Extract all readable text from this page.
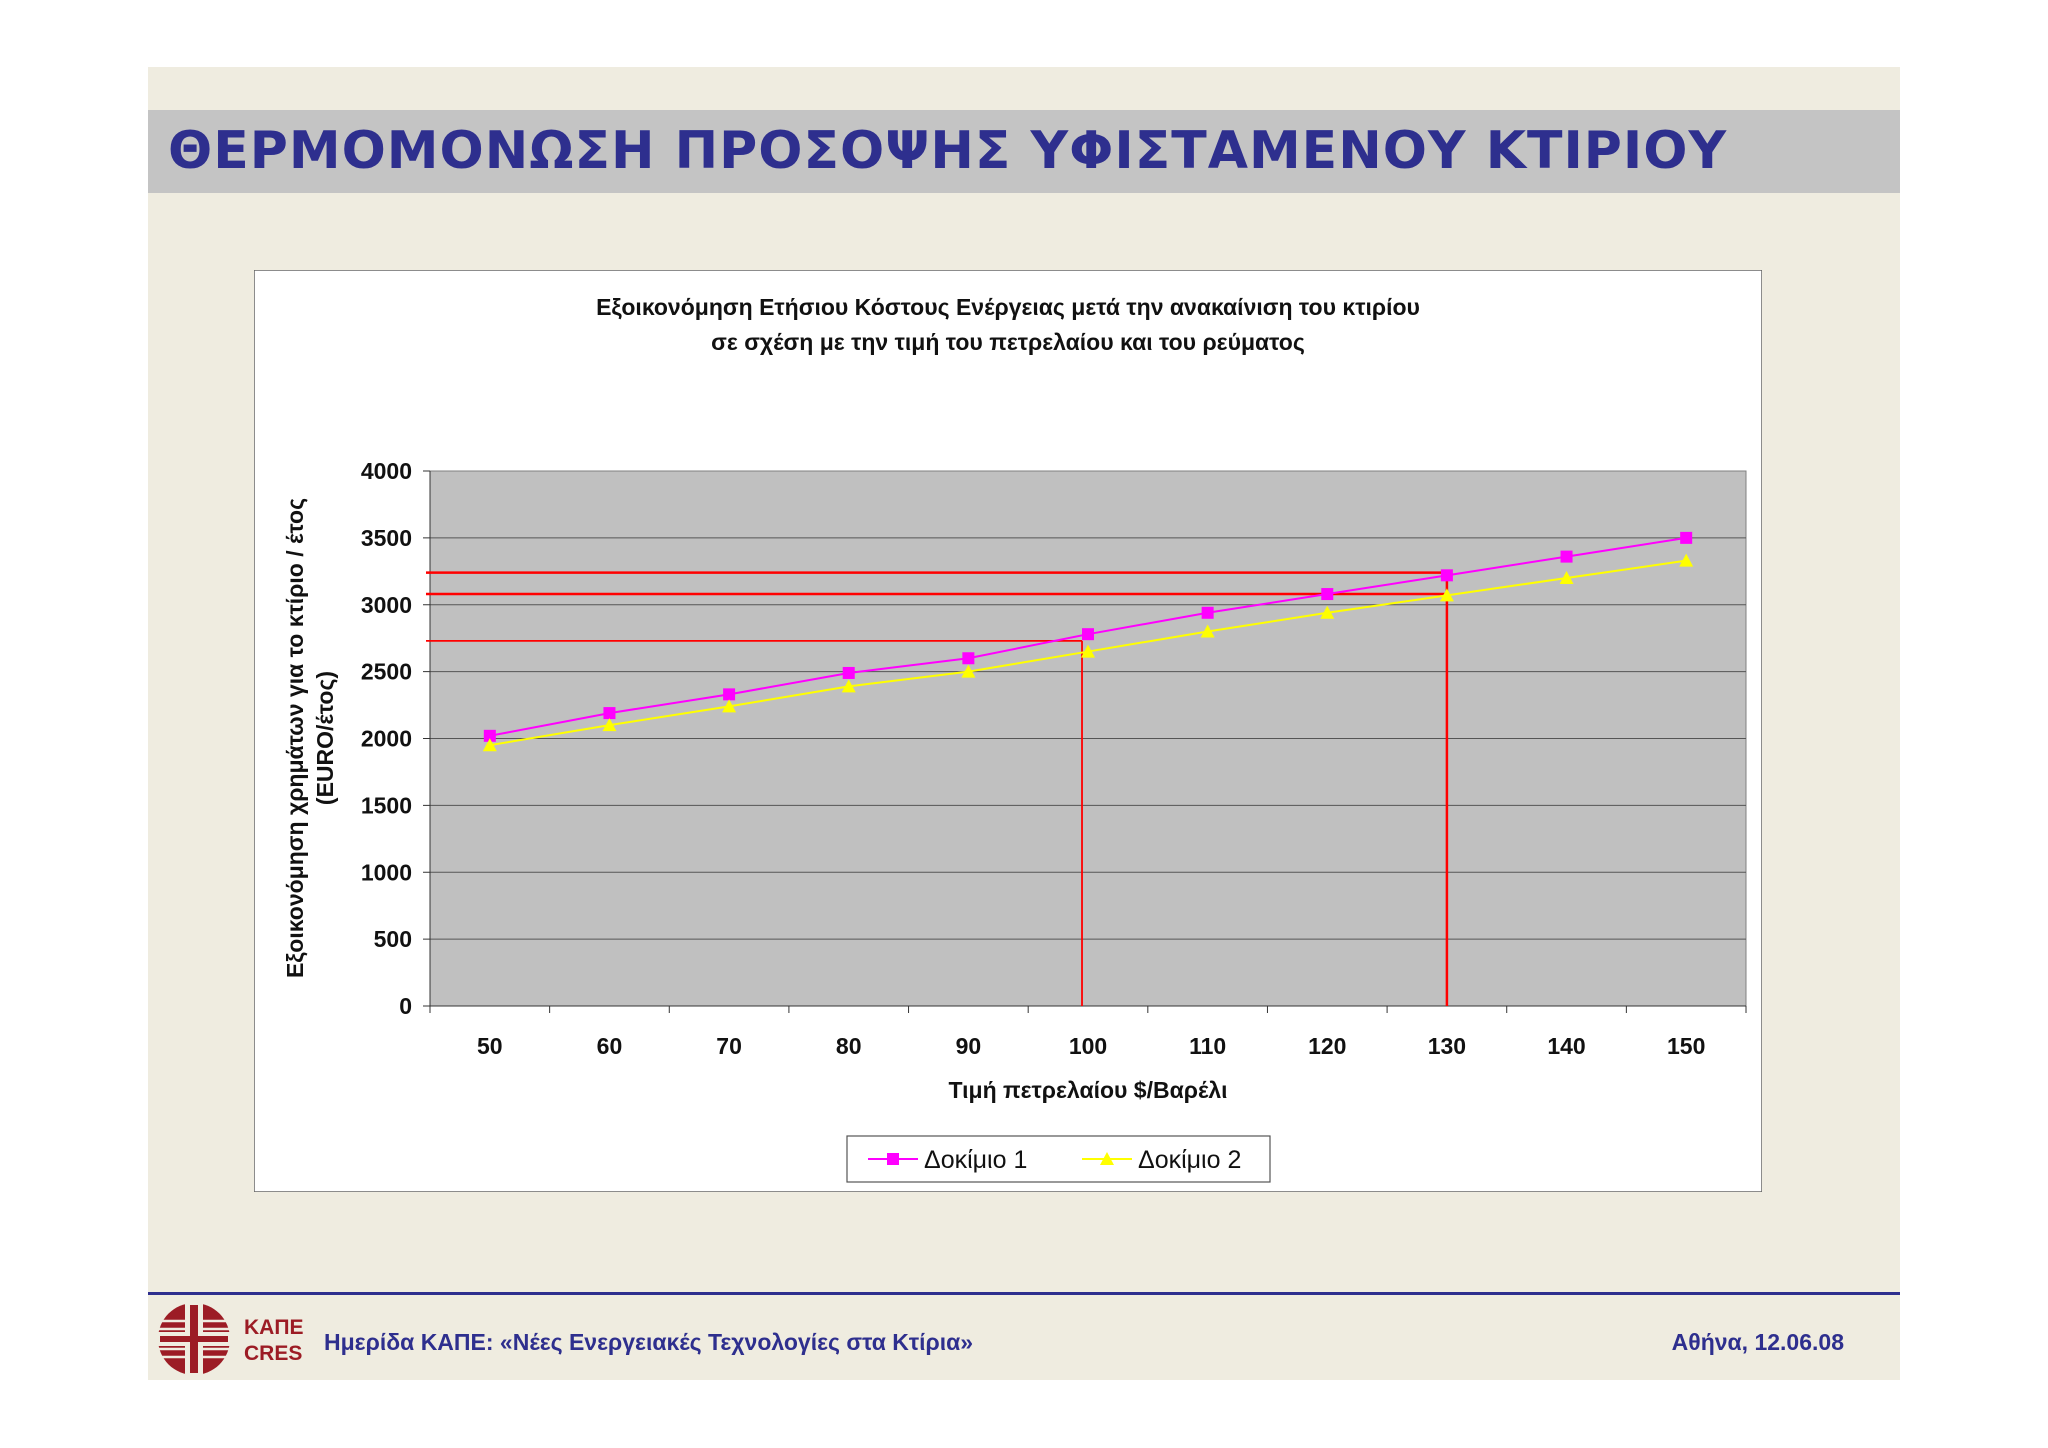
ΘΕΡΜΟΜΟΝΩΣΗ ΠΡΟΣΟΨΗΣ ΥΦΙΣΤΑΜΕΝΟΥ ΚΤΙΡΙΟΥ
Εξοικονόμηση Ετήσιου Κόστους Ενέργειας μετά την ανακαίνιση του κτιρίου
σε σχέση με την τιμή του πετρελαίου και του ρεύματος
0
500
1000
1500
2000
2500
3000
3500
4000
50	60	70	80	90	100	110	120	130	140	150
Τιμή πετρελαίου $/Βαρέλι
Εξοικονόμηση χρημάτων για το κτίριο / έτος (EURO/έτος)
Δοκίμιο 1	Δοκίμιο 2
ΚΑΠΕ
CRES Ημερίδα ΚΑΠΕ: «Νέες Ενεργειακές Τεχνολογίες στα Κτίρια»	Αθήνα, 12.06.08
